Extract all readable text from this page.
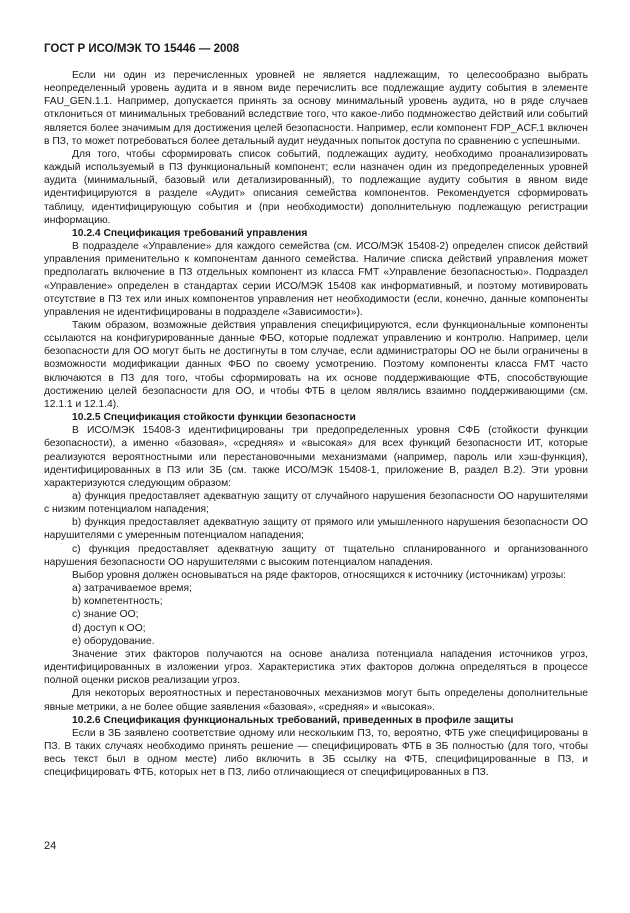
ГОСТ Р ИСО/МЭК ТО 15446 — 2008

Если ни один из перечисленных уровней не является надлежащим, то целесообразно выбрать неопределенный уровень аудита и в явном виде перечислить все подлежащие аудиту события в элементе FAU_GEN.1.1. Например, допускается принять за основу минимальный уровень аудита, но в ряде случаев отклониться от минимальных требований вследствие того, что какое-либо подмножество действий или событий является более значимым для достижения целей безопасности. Например, если компонент FDP_ACF.1 включен в ПЗ, то может потребоваться более детальный аудит неудачных попыток доступа по сравнению с успешными.

Для того, чтобы сформировать список событий, подлежащих аудиту, необходимо проанализировать каждый используемый в ПЗ функциональный компонент; если назначен один из предопределенных уровней аудита (минимальный, базовый или детализированный), то подлежащие аудиту события в явном виде идентифицируются в разделе «Аудит» описания семейства компонентов. Рекомендуется сформировать таблицу, идентифицирующую события и (при необходимости) дополнительную подлежащую регистрации информацию.

10.2.4 Спецификация требований управления

В подразделе «Управление» для каждого семейства (см. ИСО/МЭК 15408-2) определен список действий управления применительно к компонентам данного семейства. Наличие списка действий управления может предполагать включение в ПЗ отдельных компонент из класса FMT «Управление безопасностью». Подраздел «Управление» определен в стандартах серии ИСО/МЭК 15408 как информативный, и поэтому мотивировать отсутствие в ПЗ тех или иных компонентов управления нет необходимости (если, конечно, данные компоненты управления не идентифицированы в подразделе «Зависимости»).

Таким образом, возможные действия управления специфицируются, если функциональные компоненты ссылаются на конфигурированные данные ФБО, которые подлежат управлению и контролю. Например, цели безопасности для ОО могут быть не достигнуты в том случае, если администраторы ОО не были ограничены в возможности модификации данных ФБО по своему усмотрению. Поэтому компоненты класса FMT часто включаются в ПЗ для того, чтобы сформировать на их основе поддерживающие ФТБ, способствующие достижению целей безопасности для ОО, и чтобы ФТБ в целом являлись взаимно поддерживающими (см. 12.1.1 и 12.1.4).

10.2.5 Спецификация стойкости функции безопасности

В ИСО/МЭК 15408-3 идентифицированы три предопределенных уровня СФБ (стойкости функции безопасности), а именно «базовая», «средняя» и «высокая» для всех функций безопасности ИТ, которые реализуются вероятностными или перестановочными механизмами (например, пароль или хэш-функция), идентифицированных в ПЗ или ЗБ (см. также ИСО/МЭК 15408-1, приложение В, раздел В.2). Эти уровни характеризуются следующим образом:

a) функция предоставляет адекватную защиту от случайного нарушения безопасности ОО нарушителями с низким потенциалом нападения;

b) функция предоставляет адекватную защиту от прямого или умышленного нарушения безопасности ОО нарушителями с умеренным потенциалом нападения;

c) функция предоставляет адекватную защиту от тщательно спланированного и организованного нарушения безопасности ОО нарушителями с высоким потенциалом нападения.

Выбор уровня должен основываться на ряде факторов, относящихся к источнику (источникам) угрозы:

a) затрачиваемое время;

b) компетентность;

c) знание ОО;

d) доступ к ОО;

e) оборудование.

Значение этих факторов получаются на основе анализа потенциала нападения источников угроз, идентифицированных в изложении угроз. Характеристика этих факторов должна определяться в процессе полной оценки рисков реализации угроз.

Для некоторых вероятностных и перестановочных механизмов могут быть определены дополнительные явные метрики, а не более общие заявления «базовая», «средняя» и «высокая».

10.2.6 Спецификация функциональных требований, приведенных в профиле защиты

Если в ЗБ заявлено соответствие одному или нескольким ПЗ, то, вероятно, ФТБ уже специфицированы в ПЗ. В таких случаях необходимо принять решение — специфицировать ФТБ в ЗБ полностью (для того, чтобы весь текст был в одном месте) либо включить в ЗБ ссылку на ФТБ, специфицированные в ПЗ, и специфицировать ФТБ, которых нет в ПЗ, либо отличающиеся от специфицированных в ПЗ.

24
